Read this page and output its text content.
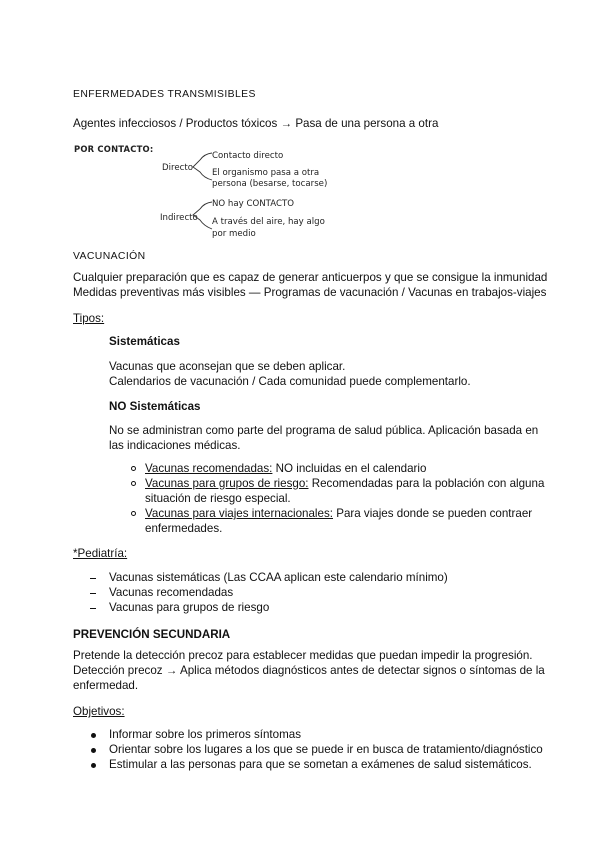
ENFERMEDADES TRANSMISIBLES
Agentes infecciosos / Productos tóxicos → Pasa de una persona a otra
POR CONTACTO:
Directo
Contacto directo
El organismo pasa a otra
persona (besarse, tocarse)
Indirecto
NO hay CONTACTO
A través del aire, hay algo
por medio
VACUNACIÓN
Cualquier preparación que es capaz de generar anticuerpos y que se consigue la inmunidad
Medidas preventivas más visibles — Programas de vacunación / Vacunas en trabajos-viajes
Tipos:
Sistemáticas
Vacunas que aconsejan que se deben aplicar.
Calendarios de vacunación / Cada comunidad puede complementarlo.
NO Sistemáticas
No se administran como parte del programa de salud pública. Aplicación basada en
las indicaciones médicas.
Vacunas recomendadas: NO incluidas en el calendario
Vacunas para grupos de riesgo: Recomendadas para la población con alguna
situación de riesgo especial.
Vacunas para viajes internacionales: Para viajes donde se pueden contraer
enfermedades.
*Pediatría:
Vacunas sistemáticas (Las CCAA aplican este calendario mínimo)
Vacunas recomendadas
Vacunas para grupos de riesgo
PREVENCIÓN SECUNDARIA
Pretende la detección precoz para establecer medidas que puedan impedir la progresión.
Detección precoz → Aplica métodos diagnósticos antes de detectar signos o síntomas de la
enfermedad.
Objetivos:
Informar sobre los primeros síntomas
Orientar sobre los lugares a los que se puede ir en busca de tratamiento/diagnóstico
Estimular a las personas para que se sometan a exámenes de salud sistemáticos.
